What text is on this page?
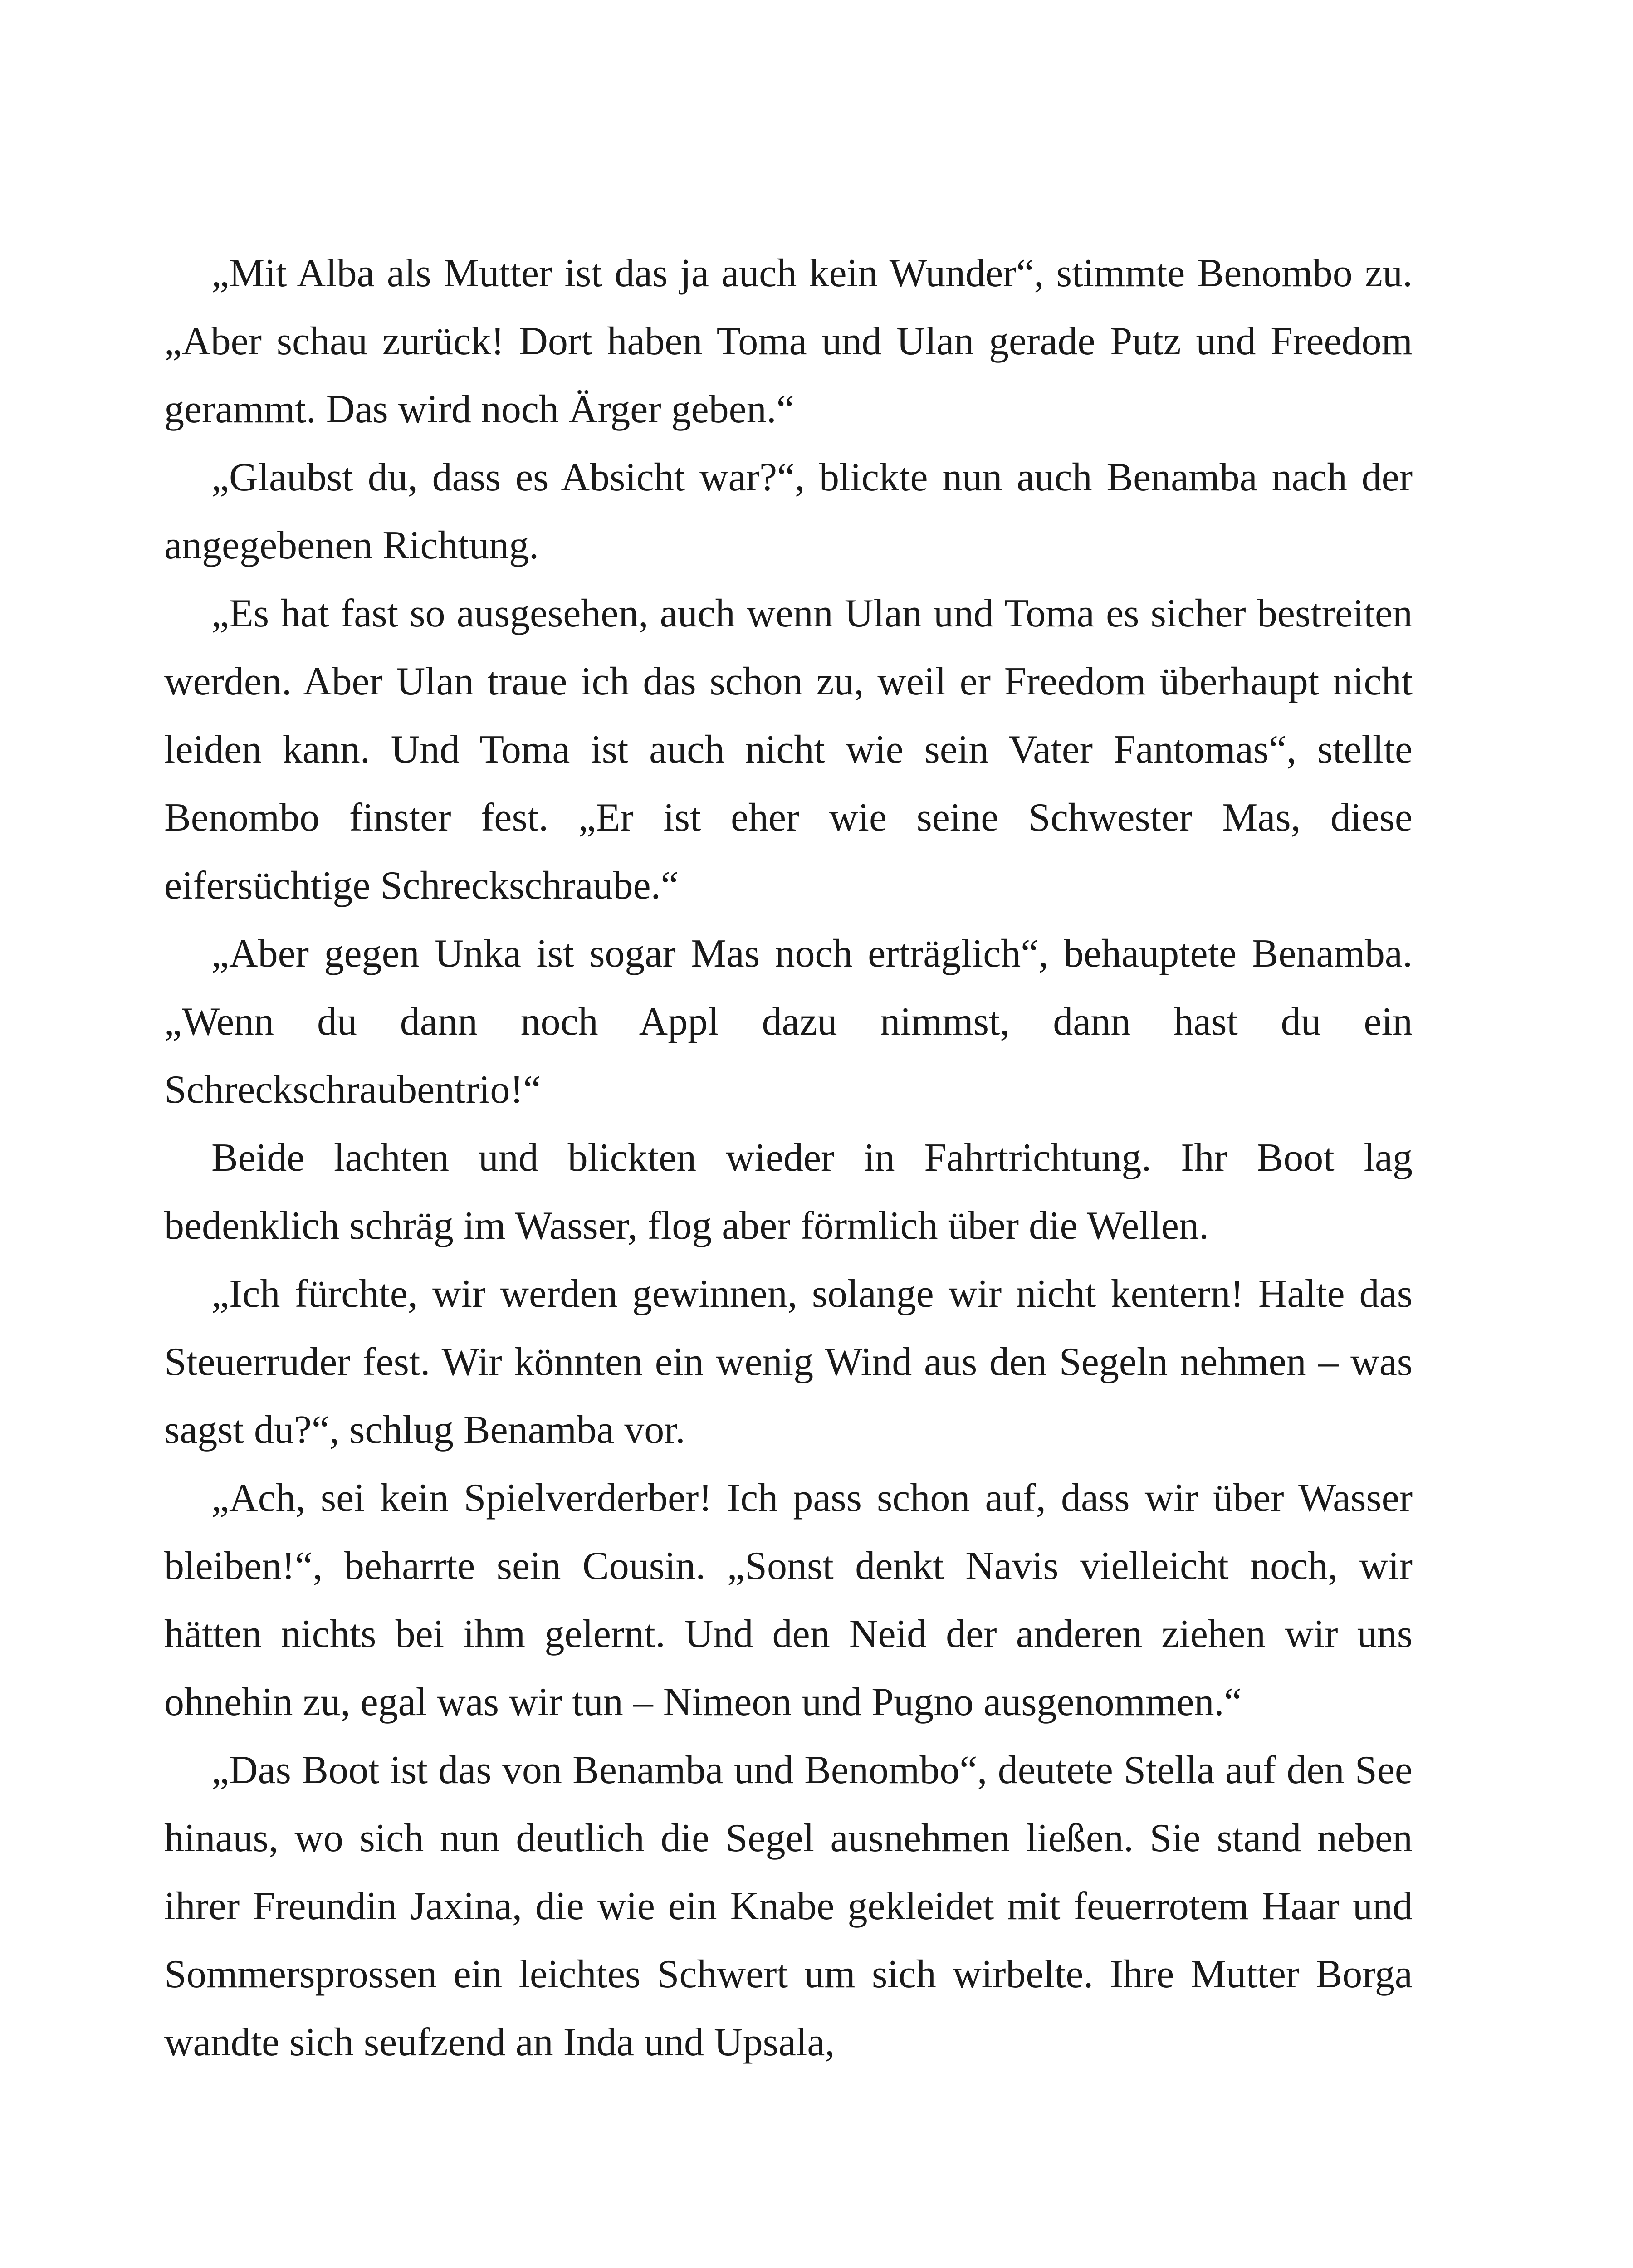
„Mit Alba als Mutter ist das ja auch kein Wunder“, stimmte Benombo zu. „Aber schau zurück! Dort haben Toma und Ulan gerade Putz und Freedom gerammt. Das wird noch Ärger geben.“

„Glaubst du, dass es Absicht war?“, blickte nun auch Benamba nach der angegebenen Richtung.

„Es hat fast so ausgesehen, auch wenn Ulan und Toma es sicher bestreiten werden. Aber Ulan traue ich das schon zu, weil er Freedom überhaupt nicht leiden kann. Und Toma ist auch nicht wie sein Vater Fantomas“, stellte Benombo finster fest. „Er ist eher wie seine Schwester Mas, diese eifersüchtige Schreckschraube.“

„Aber gegen Unka ist sogar Mas noch erträglich“, behauptete Benamba. „Wenn du dann noch Appl dazu nimmst, dann hast du ein Schreckschraubentrio!“

Beide lachten und blickten wieder in Fahrtrichtung. Ihr Boot lag bedenklich schräg im Wasser, flog aber förmlich über die Wellen.

„Ich fürchte, wir werden gewinnen, solange wir nicht kentern! Halte das Steuerruder fest. Wir könnten ein wenig Wind aus den Segeln nehmen – was sagst du?“, schlug Benamba vor.

„Ach, sei kein Spielverderber! Ich pass schon auf, dass wir über Wasser bleiben!“, beharrte sein Cousin. „Sonst denkt Navis vielleicht noch, wir hätten nichts bei ihm gelernt. Und den Neid der anderen ziehen wir uns ohnehin zu, egal was wir tun – Nimeon und Pugno ausgenommen.“

„Das Boot ist das von Benamba und Benombo“, deutete Stella auf den See hinaus, wo sich nun deutlich die Segel ausnehmen ließen. Sie stand neben ihrer Freundin Jaxina, die wie ein Knabe gekleidet mit feuerrotem Haar und Sommersprossen ein leichtes Schwert um sich wirbelte. Ihre Mutter Borga wandte sich seufzend an Inda und Upsala,
